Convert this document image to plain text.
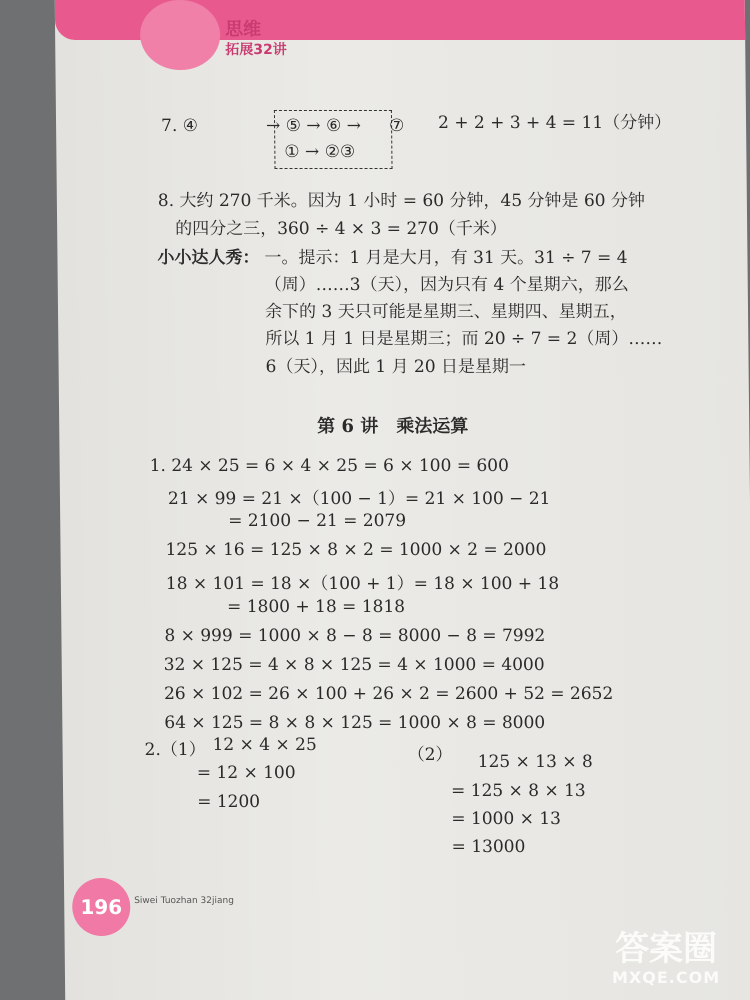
思维
拓展32讲
7. ④	→ ⑤ → ⑥ → ⑦
① → ②③
2 + 2 + 3 + 4 = 11（分钟）
8. 大约 270 千米。因为 1 小时 = 60 分钟，45 分钟是 60 分钟
的四分之三，360 ÷ 4 × 3 = 270（千米）
小小达人秀： 一。提示：1 月是大月，有 31 天。31 ÷ 7 = 4
（周）……3（天），因为只有 4 个星期六，那么
余下的 3 天只可能是星期三、星期四、星期五，
所以 1 月 1 日是星期三；而 20 ÷ 7 = 2（周）……
6（天），因此 1 月 20 日是星期一
第 6 讲　乘法运算
1. 24 × 25 = 6 × 4 × 25 = 6 × 100 = 600
21 × 99 = 21 ×（100 − 1）= 21 × 100 − 21
= 2100 − 21 = 2079
125 × 16 = 125 × 8 × 2 = 1000 × 2 = 2000
18 × 101 = 18 ×（100 + 1）= 18 × 100 + 18
= 1800 + 18 = 1818
8 × 999 = 1000 × 8 − 8 = 8000 − 8 = 7992
32 × 125 = 4 × 8 × 125 = 4 × 1000 = 4000
26 × 102 = 26 × 100 + 26 × 2 = 2600 + 52 = 2652
64 × 125 = 8 × 8 × 125 = 1000 × 8 = 8000
2.（1） 12 × 4 × 25
= 12 × 100
= 1200
（2） 125 × 13 × 8
= 125 × 8 × 13
= 1000 × 13
= 13000
196	Siwei Tuozhan 32jiang
答案圈
MXQE.COM
